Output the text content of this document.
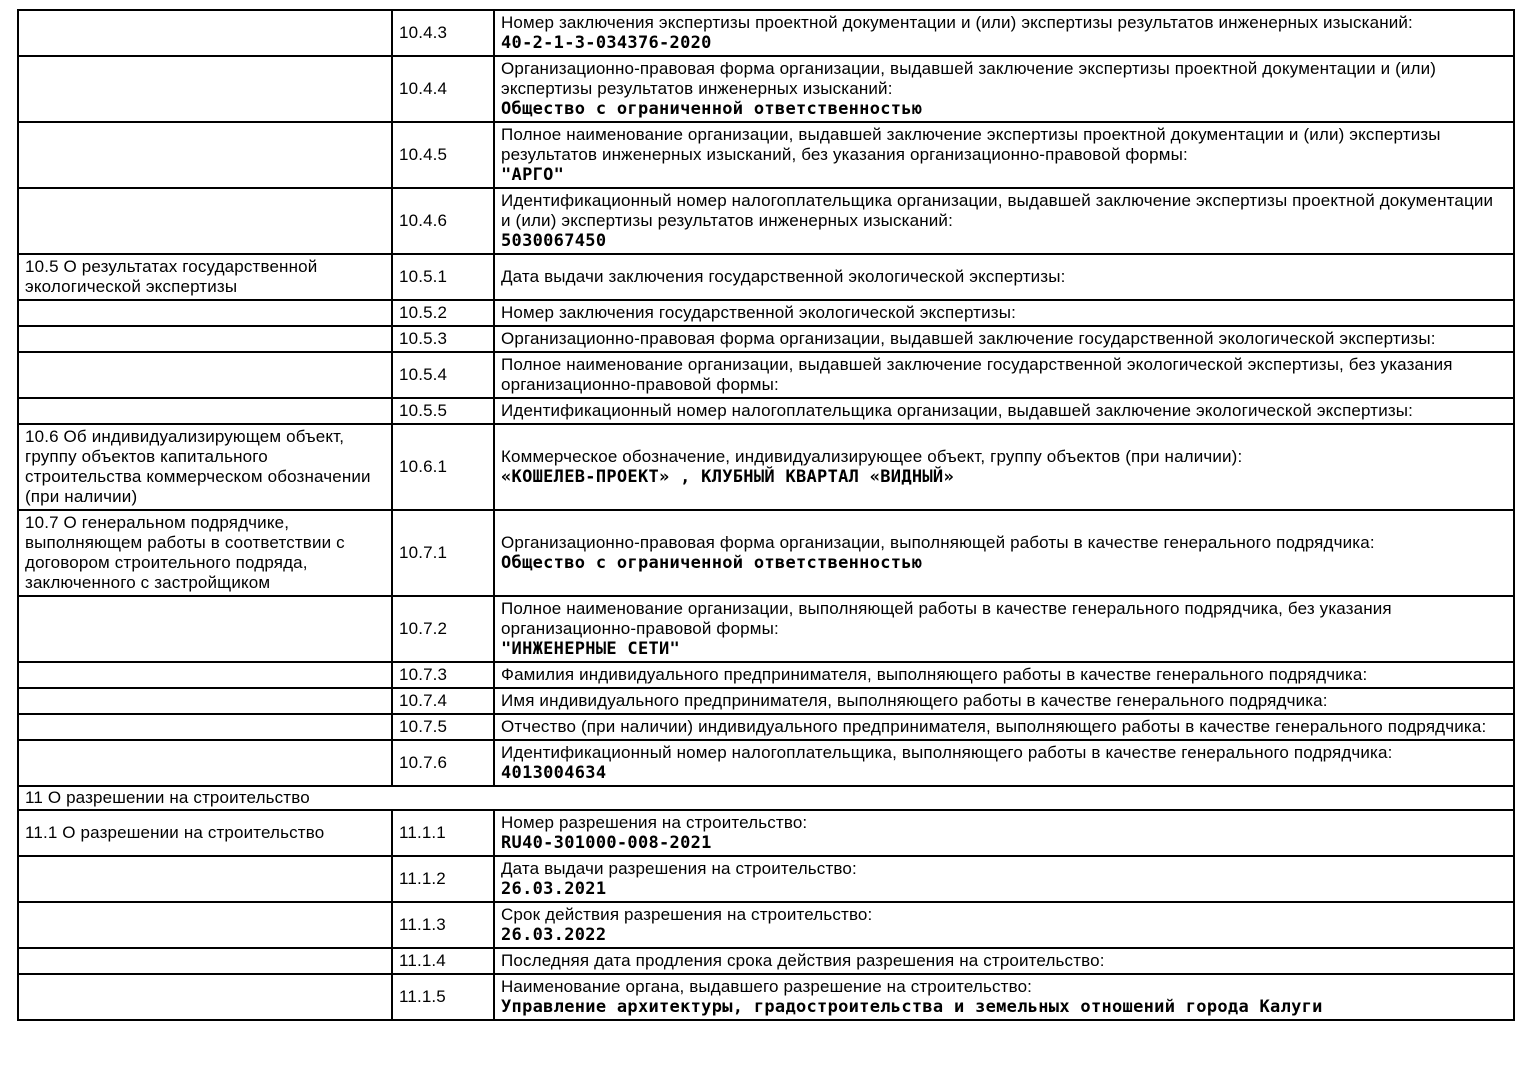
	10.4.3	Номер заключения экспертизы проектной документации и (или) экспертизы результатов инженерных изысканий:
40-2-1-3-034376-2020

	10.4.4	Организационно-правовая форма организации, выдавшей заключение экспертизы проектной документации и (или) экспертизы результатов инженерных изысканий:
Общество с ограниченной ответственностью

	10.4.5	Полное наименование организации, выдавшей заключение экспертизы проектной документации и (или) экспертизы результатов инженерных изысканий, без указания организационно-правовой формы:
"АРГО"

	10.4.6	Идентификационный номер налогоплательщика организации, выдавшей заключение экспертизы проектной документации и (или) экспертизы результатов инженерных изысканий:
5030067450

10.5 О результатах государственной экологической экспертизы	10.5.1	Дата выдачи заключения государственной экологической экспертизы:

	10.5.2	Номер заключения государственной экологической экспертизы:

	10.5.3	Организационно-правовая форма организации, выдавшей заключение государственной экологической экспертизы:

	10.5.4	Полное наименование организации, выдавшей заключение государственной экологической экспертизы, без указания организационно-правовой формы:

	10.5.5	Идентификационный номер налогоплательщика организации, выдавшей заключение экологической экспертизы:

10.6 Об индивидуализирующем объект, группу объектов капитального строительства коммерческом обозначении (при наличии)	10.6.1	Коммерческое обозначение, индивидуализирующее объект, группу объектов (при наличии):
«КОШЕЛЕВ-ПРОЕКТ» , КЛУБНЫЙ КВАРТАЛ «ВИДНЫЙ»

10.7 О генеральном подрядчике, выполняющем работы в соответствии с договором строительного подряда, заключенного с застройщиком	10.7.1	Организационно-правовая форма организации, выполняющей работы в качестве генерального подрядчика:
Общество с ограниченной ответственностью

	10.7.2	Полное наименование организации, выполняющей работы в качестве генерального подрядчика, без указания организационно-правовой формы:
"ИНЖЕНЕРНЫЕ СЕТИ"

	10.7.3	Фамилия индивидуального предпринимателя, выполняющего работы в качестве генерального подрядчика:

	10.7.4	Имя индивидуального предпринимателя, выполняющего работы в качестве генерального подрядчика:

	10.7.5	Отчество (при наличии) индивидуального предпринимателя, выполняющего работы в качестве генерального подрядчика:

	10.7.6	Идентификационный номер налогоплательщика, выполняющего работы в качестве генерального подрядчика:
4013004634

11 О разрешении на строительство		

11.1 О разрешении на строительство	11.1.1	Номер разрешения на строительство:
RU40-301000-008-2021

	11.1.2	Дата выдачи разрешения на строительство:
26.03.2021

	11.1.3	Срок действия разрешения на строительство:
26.03.2022

	11.1.4	Последняя дата продления срока действия разрешения на строительство:

	11.1.5	Наименование органа, выдавшего разрешение на строительство:
Управление архитектуры, градостроительства и земельных отношений города Калуги
